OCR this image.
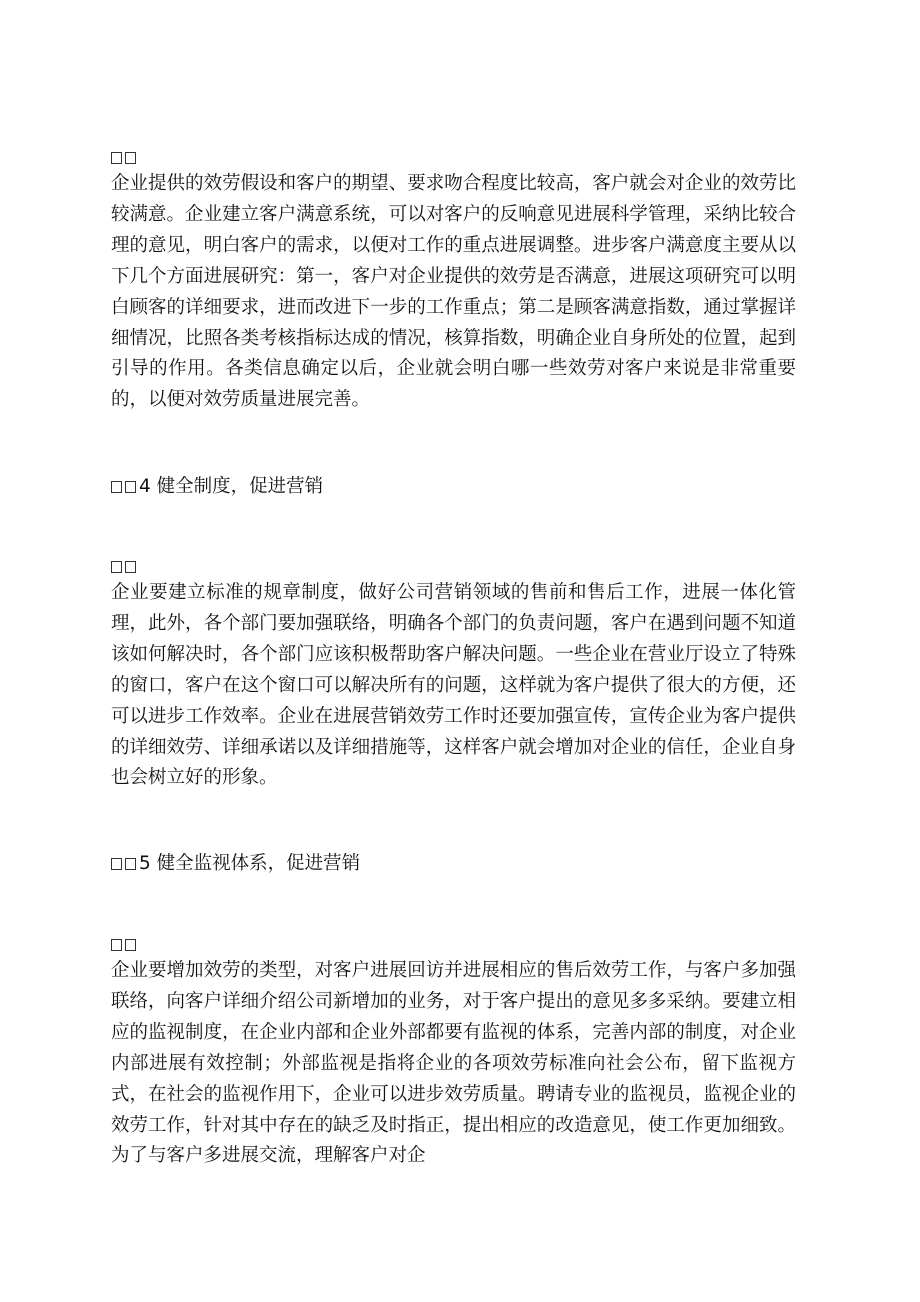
企业提供的效劳假设和客户的期望、要求吻合程度比较高，客户就会对企业的效劳比较满意。企业建立客户满意系统，可以对客户的反响意见进展科学管理，采纳比较合理的意见，明白客户的需求，以便对工作的重点进展调整。进步客户满意度主要从以下几个方面进展研究：第一，客户对企业提供的效劳是否满意，进展这项研究可以明白顾客的详细要求，进而改进下一步的工作重点；第二是顾客满意指数，通过掌握详细情况，比照各类考核指标达成的情况，核算指数，明确企业自身所处的位置，起到引导的作用。各类信息确定以后，企业就会明白哪一些效劳对客户来说是非常重要的，以便对效劳质量进展完善。

4 健全制度，促进营销

企业要建立标准的规章制度，做好公司营销领域的售前和售后工作，进展一体化管理，此外，各个部门要加强联络，明确各个部门的负责问题，客户在遇到问题不知道该如何解决时，各个部门应该积极帮助客户解决问题。一些企业在营业厅设立了特殊的窗口，客户在这个窗口可以解决所有的问题，这样就为客户提供了很大的方便，还可以进步工作效率。企业在进展营销效劳工作时还要加强宣传，宣传企业为客户提供的详细效劳、详细承诺以及详细措施等，这样客户就会增加对企业的信任，企业自身也会树立好的形象。

5 健全监视体系，促进营销

企业要增加效劳的类型，对客户进展回访并进展相应的售后效劳工作，与客户多加强联络，向客户详细介绍公司新增加的业务，对于客户提出的意见多多采纳。要建立相应的监视制度，在企业内部和企业外部都要有监视的体系，完善内部的制度，对企业内部进展有效控制；外部监视是指将企业的各项效劳标准向社会公布，留下监视方式，在社会的监视作用下，企业可以进步效劳质量。聘请专业的监视员，监视企业的效劳工作，针对其中存在的缺乏及时指正，提出相应的改造意见，使工作更加细致。为了与客户多进展交流，理解客户对企
